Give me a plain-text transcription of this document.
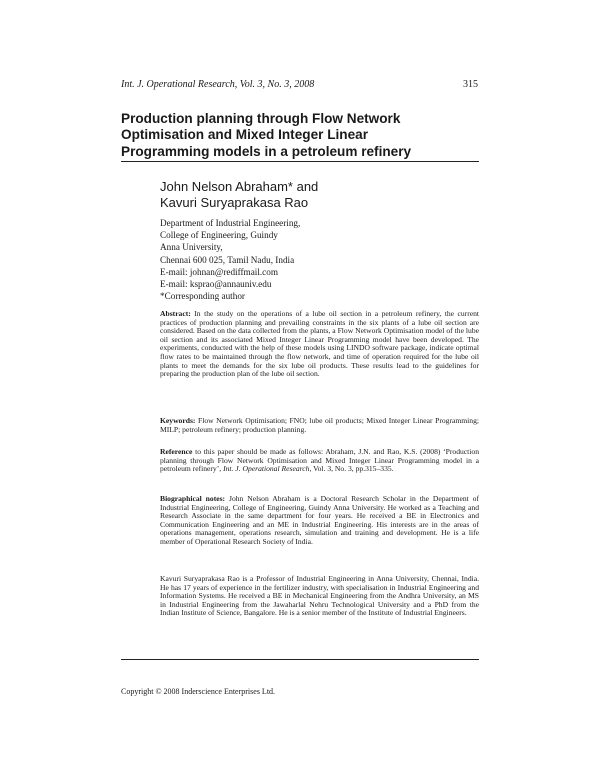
Int. J. Operational Research, Vol. 3, No. 3, 2008	315
Production planning through Flow Network
Optimisation and Mixed Integer Linear
Programming models in a petroleum refinery
John Nelson Abraham* and
Kavuri Suryaprakasa Rao
Department of Industrial Engineering,
College of Engineering, Guindy
Anna University,
Chennai 600 025, Tamil Nadu, India
E-mail: johnan@rediffmail.com
E-mail: ksprao@annauniv.edu
*Corresponding author
Abstract: In the study on the operations of a lube oil section in a petroleum refinery, the current practices of production planning and prevailing constraints in the six plants of a lube oil section are considered. Based on the data collected from the plants, a Flow Network Optimisation model of the lube oil section and its associated Mixed Integer Linear Programming model have been developed. The experiments, conducted with the help of these models using LINDO software package, indicate optimal flow rates to be maintained through the flow network, and time of operation required for the lube oil plants to meet the demands for the six lube oil products. These results lead to the guidelines for preparing the production plan of the lube oil section.
Keywords: Flow Network Optimisation; FNO; lube oil products; Mixed Integer Linear Programming; MILP; petroleum refinery; production planning.
Reference to this paper should be made as follows: Abraham, J.N. and Rao, K.S. (2008) ‘Production planning through Flow Network Optimisation and Mixed Integer Linear Programming model in a petroleum refinery’, Int. J. Operational Research, Vol. 3, No. 3, pp.315–335.
Biographical notes: John Nelson Abraham is a Doctoral Research Scholar in the Department of Industrial Engineering, College of Engineering, Guindy Anna University. He worked as a Teaching and Research Associate in the same department for four years. He received a BE in Electronics and Communication Engineering and an ME in Industrial Engineering. His interests are in the areas of operations management, operations research, simulation and training and development. He is a life member of Operational Research Society of India.
Kavuri Suryaprakasa Rao is a Professor of Industrial Engineering in Anna University, Chennai, India. He has 17 years of experience in the fertilizer industry, with specialisation in Industrial Engineering and Information Systems. He received a BE in Mechanical Engineering from the Andhra University, an MS in Industrial Engineering from the Jawaharlal Nehru Technological University and a PhD from the Indian Institute of Science, Bangalore. He is a senior member of the Institute of Industrial Engineers.
Copyright © 2008 Inderscience Enterprises Ltd.
